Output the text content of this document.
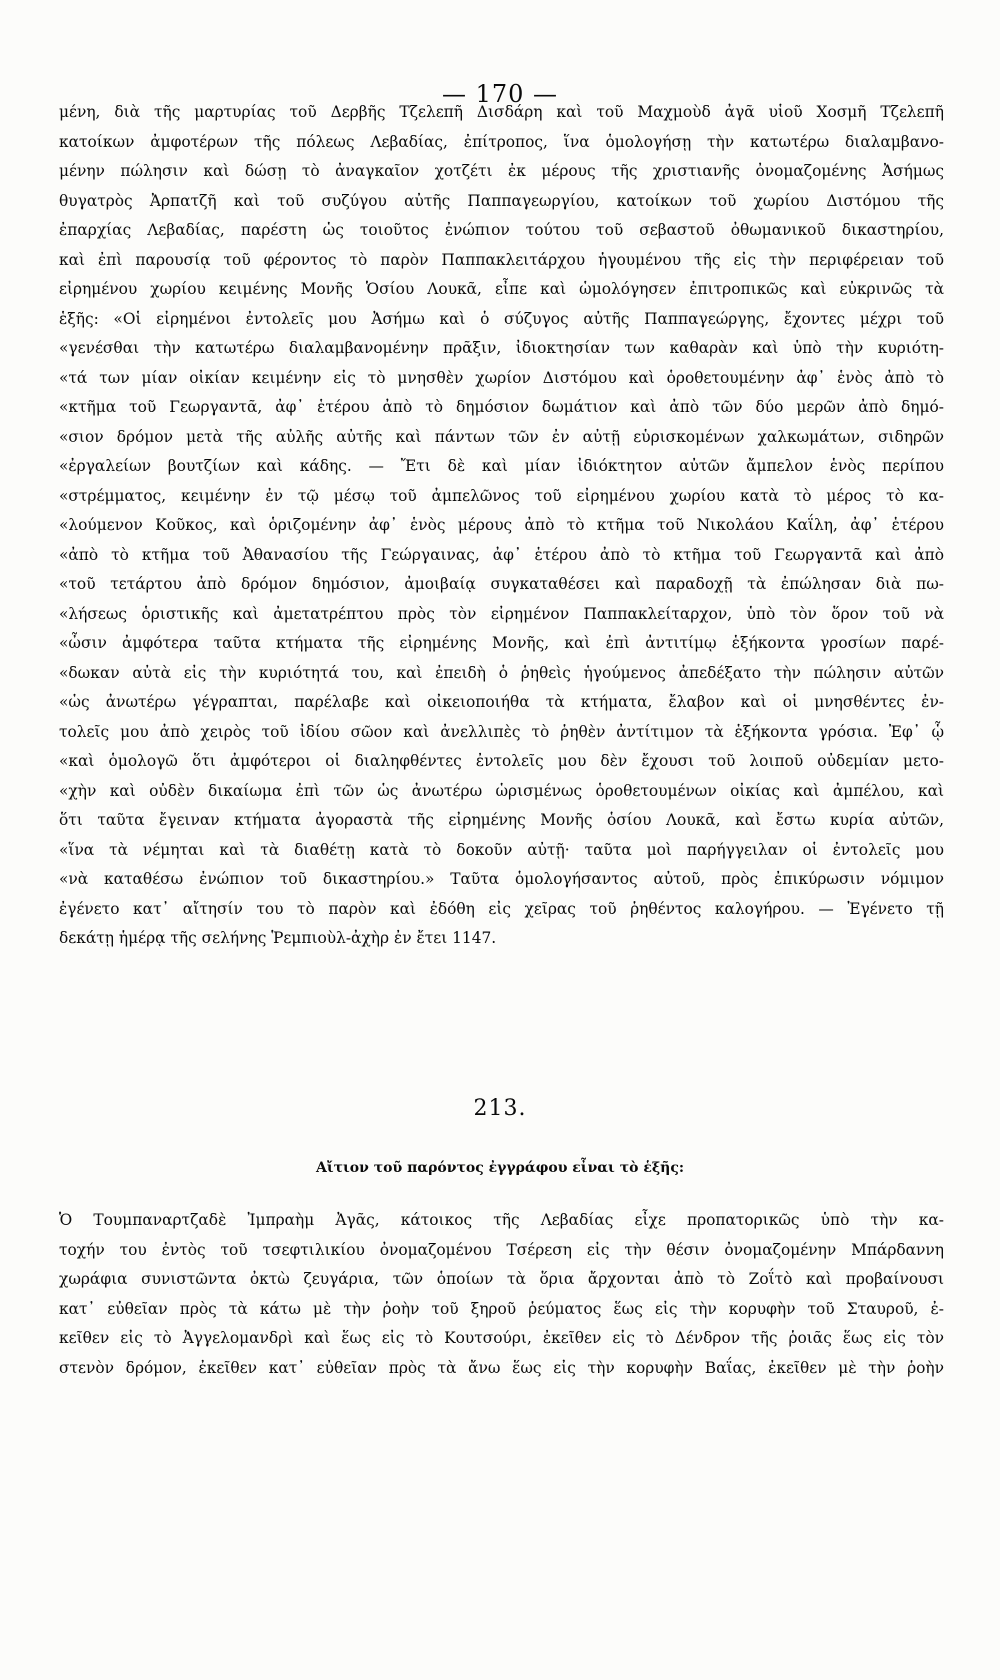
— 170 —
μένη, διὰ τῆς μαρτυρίας τοῦ Δερβῆς Τζελεπῆ Δισδάρη καὶ τοῦ Μαχμοὺδ ἀγᾶ υἱοῦ Χοσμῆ Τζελεπῆ
κατοίκων ἀμφοτέρων τῆς πόλεως Λεβαδίας, ἐπίτροπος, ἵνα ὁμολογήσῃ τὴν κατωτέρω διαλαμβανο-
μένην πώλησιν καὶ δώσῃ τὸ ἀναγκαῖον χοτζέτι ἐκ μέρους τῆς χριστιανῆς ὀνομαζομένης Ἀσήμως
θυγατρὸς Ἀρπατζῆ καὶ τοῦ συζύγου αὐτῆς Παππαγεωργίου, κατοίκων τοῦ χωρίου Διστόμου τῆς
ἐπαρχίας Λεβαδίας, παρέστη ὡς τοιοῦτος ἐνώπιον τούτου τοῦ σεβαστοῦ ὀθωμανικοῦ δικαστηρίου,
καὶ ἐπὶ παρουσίᾳ τοῦ φέροντος τὸ παρὸν Παππακλειτάρχου ἡγουμένου τῆς εἰς τὴν περιφέρειαν τοῦ
εἰρημένου χωρίου κειμένης Μονῆς Ὁσίου Λουκᾶ, εἶπε καὶ ὡμολόγησεν ἐπιτροπικῶς καὶ εὐκρινῶς τὰ
ἑξῆς: «Οἱ εἰρημένοι ἐντολεῖς μου Ἀσήμω καὶ ὁ σύζυγος αὐτῆς Παππαγεώργης, ἔχοντες μέχρι τοῦ
«γενέσθαι τὴν κατωτέρω διαλαμβανομένην πρᾶξιν, ἰδιοκτησίαν των καθαρὰν καὶ ὑπὸ τὴν κυριότη-
«τά των μίαν οἰκίαν κειμένην εἰς τὸ μνησθὲν χωρίον Διστόμου καὶ ὁροθετουμένην ἀφ᾽ ἑνὸς ἀπὸ τὸ
«κτῆμα τοῦ Γεωργαντᾶ, ἀφ᾽ ἑτέρου ἀπὸ τὸ δημόσιον δωμάτιον καὶ ἀπὸ τῶν δύο μερῶν ἀπὸ δημό-
«σιον δρόμον μετὰ τῆς αὐλῆς αὐτῆς καὶ πάντων τῶν ἐν αὐτῇ εὑρισκομένων χαλκωμάτων, σιδηρῶν
«ἐργαλείων βουτζίων καὶ κάδης. — Ἔτι δὲ καὶ μίαν ἰδιόκτητον αὐτῶν ἄμπελον ἑνὸς περίπου
«στρέμματος, κειμένην ἐν τῷ μέσῳ τοῦ ἀμπελῶνος τοῦ εἰρημένου χωρίου κατὰ τὸ μέρος τὸ κα-
«λούμενον Κοῦκος, καὶ ὁριζομένην ἀφ᾽ ἑνὸς μέρους ἀπὸ τὸ κτῆμα τοῦ Νικολάου Καΐλη, ἀφ᾽ ἑτέρου
«ἀπὸ τὸ κτῆμα τοῦ Ἀθανασίου τῆς Γεώργαινας, ἀφ᾽ ἑτέρου ἀπὸ τὸ κτῆμα τοῦ Γεωργαντᾶ καὶ ἀπὸ
«τοῦ τετάρτου ἀπὸ δρόμον δημόσιον, ἀμοιβαίᾳ συγκαταθέσει καὶ παραδοχῇ τὰ ἐπώλησαν διὰ πω-
«λήσεως ὁριστικῆς καὶ ἀμετατρέπτου πρὸς τὸν εἰρημένον Παππακλείταρχον, ὑπὸ τὸν ὅρον τοῦ νὰ
«ὦσιν ἀμφότερα ταῦτα κτήματα τῆς εἰρημένης Μονῆς, καὶ ἐπὶ ἀντιτίμῳ ἑξήκοντα γροσίων παρέ-
«δωκαν αὐτὰ εἰς τὴν κυριότητά του, καὶ ἐπειδὴ ὁ ῥηθεὶς ἡγούμενος ἀπεδέξατο τὴν πώλησιν αὐτῶν
«ὡς ἀνωτέρω γέγραπται, παρέλαβε καὶ οἰκειοποιήθα τὰ κτήματα, ἔλαβον καὶ οἱ μνησθέντες ἐν-
τολεῖς μου ἀπὸ χειρὸς τοῦ ἰδίου σῶον καὶ ἀνελλιπὲς τὸ ῥηθὲν ἀντίτιμον τὰ ἑξήκοντα γρόσια. Ἐφ᾽ ᾧ
«καὶ ὁμολογῶ ὅτι ἀμφότεροι οἱ διαληφθέντες ἐντολεῖς μου δὲν ἔχουσι τοῦ λοιποῦ οὐδεμίαν μετο-
«χὴν καὶ οὐδὲν δικαίωμα ἐπὶ τῶν ὡς ἀνωτέρω ὡρισμένως ὁροθετουμένων οἰκίας καὶ ἀμπέλου, καὶ
ὅτι ταῦτα ἔγειναν κτήματα ἀγοραστὰ τῆς εἰρημένης Μονῆς ὁσίου Λουκᾶ, καὶ ἔστω κυρία αὐτῶν,
«ἵνα τὰ νέμηται καὶ τὰ διαθέτῃ κατὰ τὸ δοκοῦν αὐτῇ· ταῦτα μοὶ παρήγγειλαν οἱ ἐντολεῖς μου
«νὰ καταθέσω ἐνώπιον τοῦ δικαστηρίου.» Ταῦτα ὁμολογήσαντος αὐτοῦ, πρὸς ἐπικύρωσιν νόμιμον
ἐγένετο κατ᾽ αἴτησίν του τὸ παρὸν καὶ ἐδόθη εἰς χεῖρας τοῦ ῥηθέντος καλογήρου. — Ἐγένετο τῇ
δεκάτῃ ἡμέρᾳ τῆς σελήνης Ῥεμπιοὺλ-ἀχὴρ ἐν ἔτει 1147.
213.
Αἴτιον τοῦ παρόντος ἐγγράφου εἶναι τὸ ἑξῆς:
Ὁ Τουμπαναρτζαδὲ Ἰμπραὴμ Ἀγᾶς, κάτοικος τῆς Λεβαδίας εἶχε προπατορικῶς ὑπὸ τὴν κα-
τοχήν του ἐντὸς τοῦ τσεφτιλικίου ὀνομαζομένου Τσέρεση εἰς τὴν θέσιν ὀνομαζομένην Μπάρδαννη
χωράφια συνιστῶντα ὀκτὼ ζευγάρια, τῶν ὁποίων τὰ ὅρια ἄρχονται ἀπὸ τὸ Ζοΐτὸ καὶ προβαίνουσι
κατ᾽ εὐθεῖαν πρὸς τὰ κάτω μὲ τὴν ῥοὴν τοῦ ξηροῦ ῥεύματος ἕως εἰς τὴν κορυφὴν τοῦ Σταυροῦ, ἐ-
κεῖθεν εἰς τὸ Ἀγγελομανδρὶ καὶ ἕως εἰς τὸ Κουτσούρι, ἐκεῖθεν εἰς τὸ Δένδρον τῆς ῥοιᾶς ἕως εἰς τὸν
στενὸν δρόμον, ἐκεῖθεν κατ᾽ εὐθεῖαν πρὸς τὰ ἄνω ἕως εἰς τὴν κορυφὴν Βαΐας, ἐκεῖθεν μὲ τὴν ῥοὴν
